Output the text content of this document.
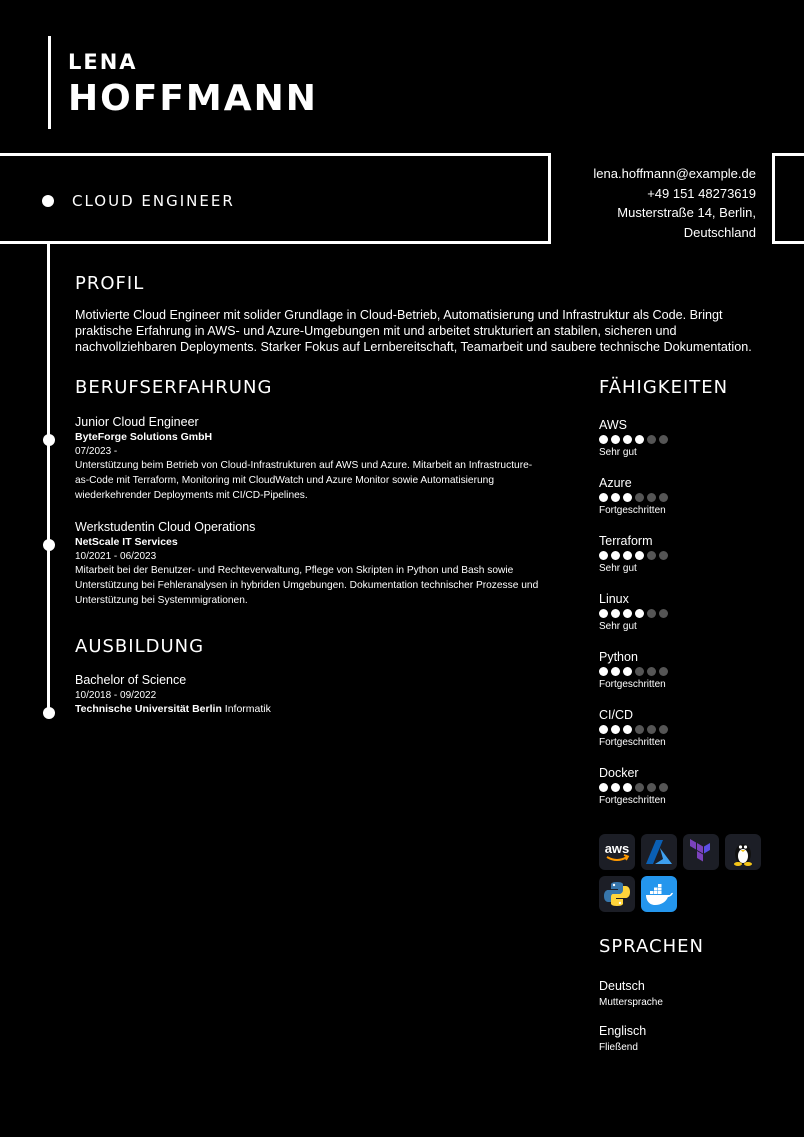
LENA
HOFFMANN
CLOUD ENGINEER
lena.hoffmann@example.de
+49 151 48273619
Musterstraße 14, Berlin,
Deutschland
PROFIL
Motivierte Cloud Engineer mit solider Grundlage in Cloud-Betrieb, Automatisierung und Infrastruktur als Code. Bringt praktische Erfahrung in AWS- und Azure-Umgebungen mit und arbeitet strukturiert an stabilen, sicheren und nachvollziehbaren Deployments. Starker Fokus auf Lernbereitschaft, Teamarbeit und saubere technische Dokumentation.
BERUFSERFAHRUNG
Junior Cloud Engineer
ByteForge Solutions GmbH
07/2023 -
Unterstützung beim Betrieb von Cloud-Infrastrukturen auf AWS und Azure. Mitarbeit an Infrastructure-as-Code mit Terraform, Monitoring mit CloudWatch und Azure Monitor sowie Automatisierung wiederkehrender Deployments mit CI/CD-Pipelines.
Werkstudentin Cloud Operations
NetScale IT Services
10/2021 - 06/2023
Mitarbeit bei der Benutzer- und Rechteverwaltung, Pflege von Skripten in Python und Bash sowie Unterstützung bei Fehleranalysen in hybriden Umgebungen. Dokumentation technischer Prozesse und Unterstützung bei Systemmigrationen.
AUSBILDUNG
Bachelor of Science
10/2018 - 09/2022
Technische Universität Berlin Informatik
FÄHIGKEITEN
AWS
Sehr gut
Azure
Fortgeschritten
Terraform
Sehr gut
Linux
Sehr gut
Python
Fortgeschritten
CI/CD
Fortgeschritten
Docker
Fortgeschritten
aws
SPRACHEN
Deutsch
Muttersprache
Englisch
Fließend
